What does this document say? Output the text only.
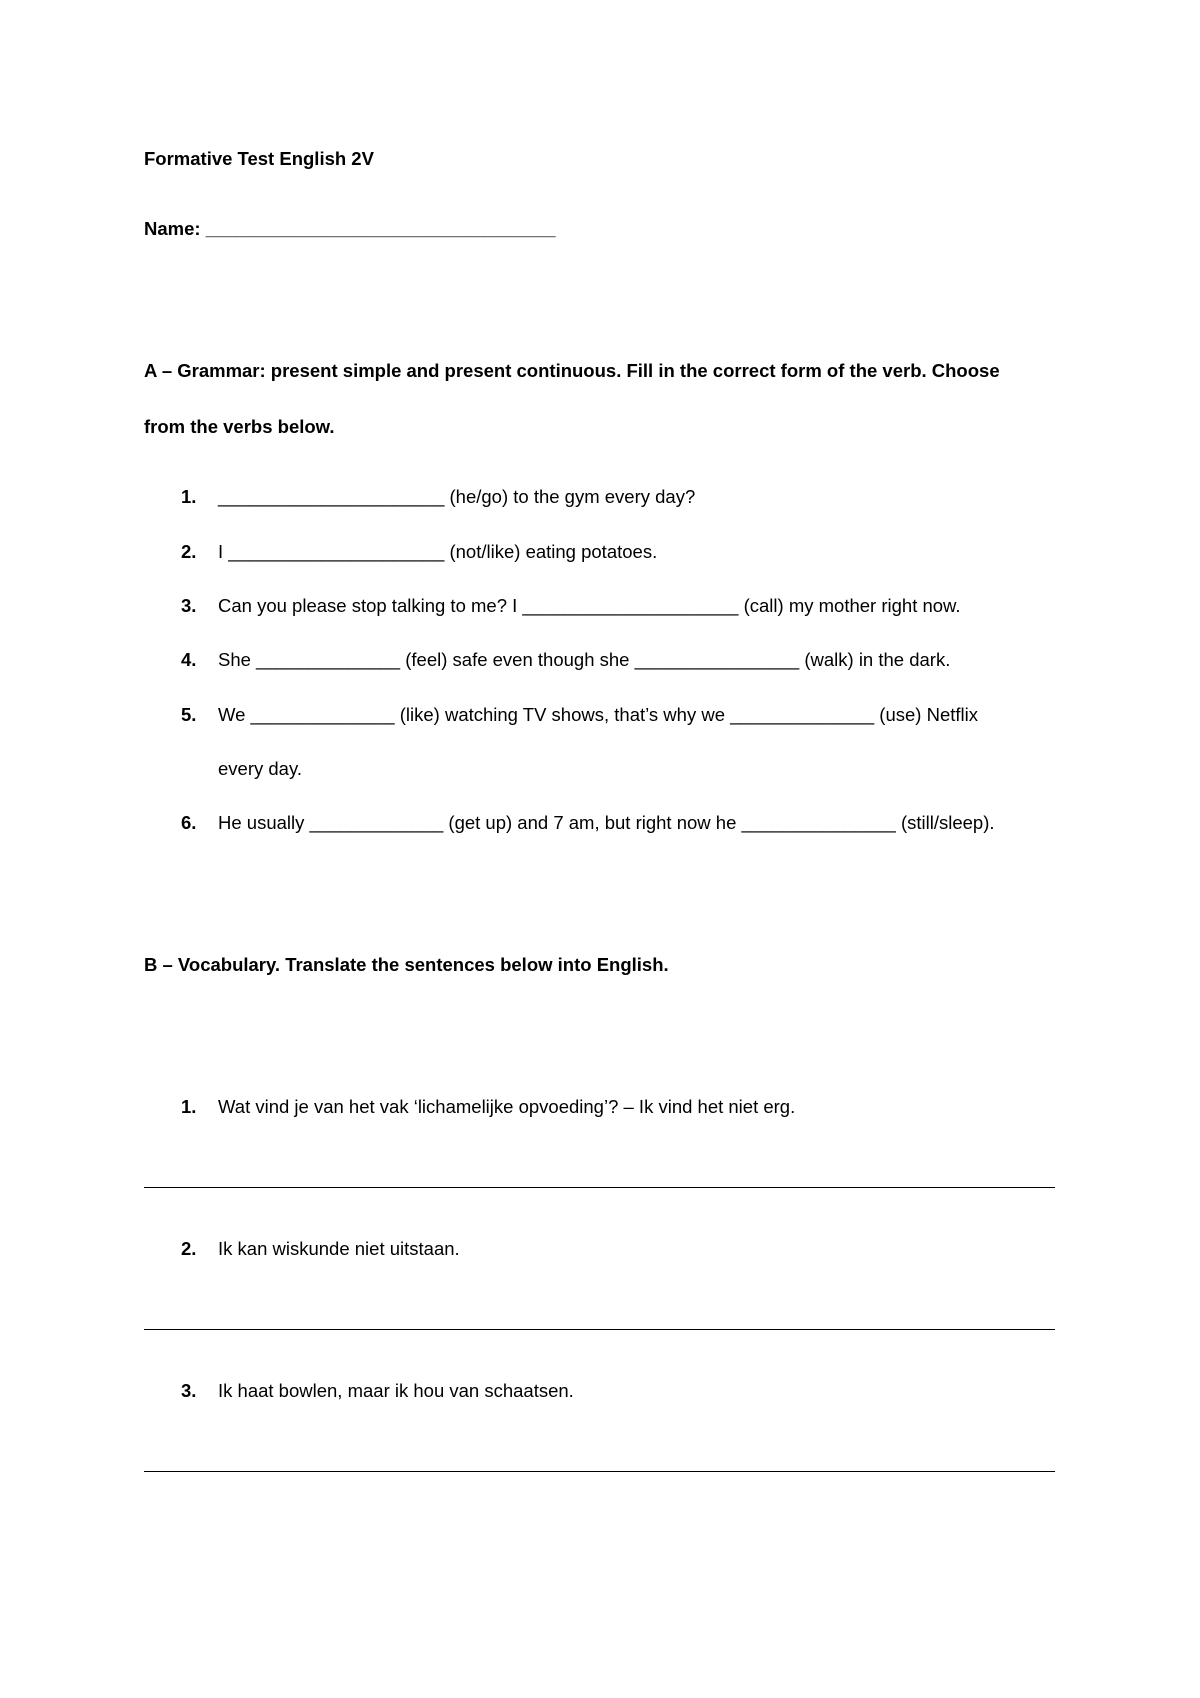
Formative Test English 2V
Name: __________________________________
A – Grammar: present simple and present continuous. Fill in the correct form of the verb. Choose
from the verbs below.
1. ______________________ (he/go) to the gym every day?
2. I _____________________ (not/like) eating potatoes.
3. Can you please stop talking to me? I _____________________ (call) my mother right now.
4. She ______________ (feel) safe even though she ________________ (walk) in the dark.
5. We ______________ (like) watching TV shows, that’s why we ______________ (use) Netflix
every day.
6. He usually _____________ (get up) and 7 am, but right now he _______________ (still/sleep).
B – Vocabulary. Translate the sentences below into English.
1. Wat vind je van het vak ‘lichamelijke opvoeding’? – Ik vind het niet erg.
2. Ik kan wiskunde niet uitstaan.
3. Ik haat bowlen, maar ik hou van schaatsen.
